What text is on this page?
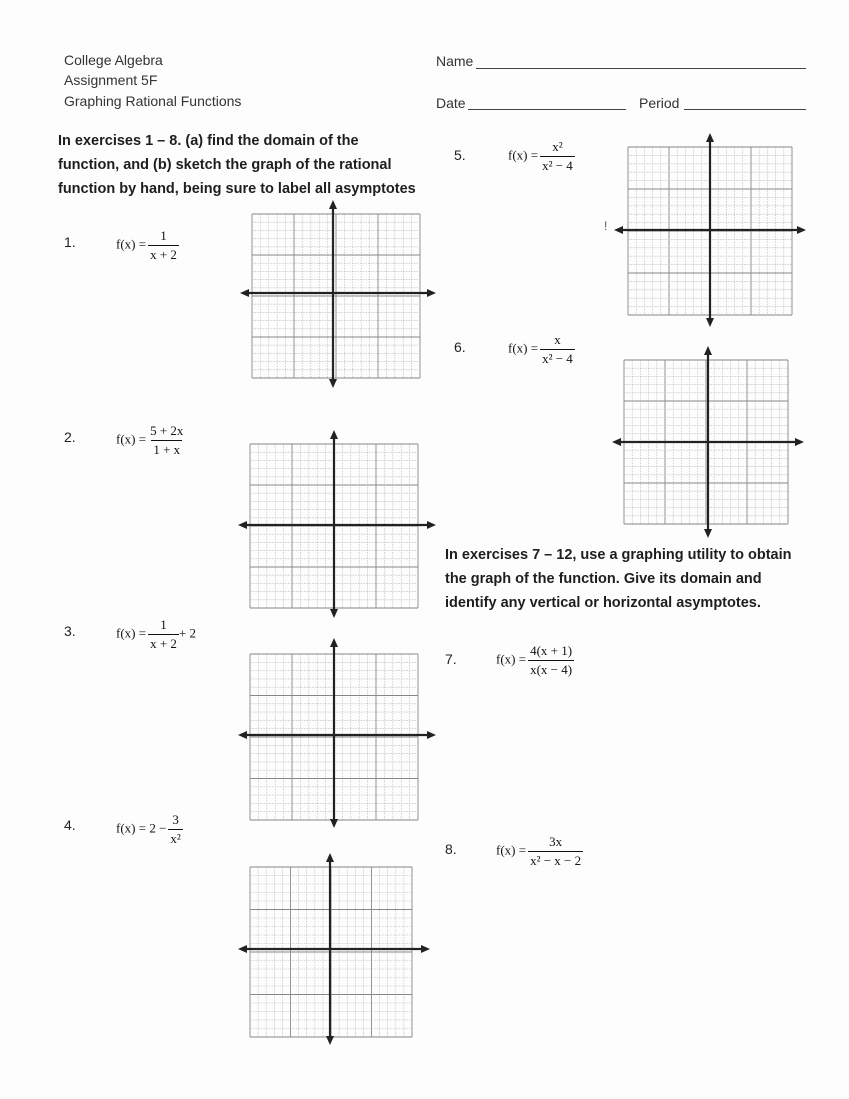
College Algebra
Assignment 5F
Graphing Rational Functions
Name
Date	Period
In exercises 1 – 8. (a) find the domain of the
function, and (b) sketch the graph of the rational
function by hand, being sure to label all asymptotes
In exercises 7 – 12, use a graphing utility to obtain
the graph of the function. Give its domain and
identify any vertical or horizontal asymptotes.
1.	$f(x) = \frac{1}{x + 2}$
2.	$f(x) = \frac{5 + 2x}{1 + x}$
3.	$f(x) = \frac{1}{x + 2} + 2$
4.	$f(x) = 2 - \frac{3}{\text{x²}}$
5.	$f(x) = \frac{\text{x²}}{\text{x² − 4}}$
6.	$f(x) = \frac{x}{\text{x² − 4}}$
7.	$f(x) = \frac{4(x + 1)}{x(x - 4)}$
8.	$f(x) = \frac{3x}{\text{x² − x − 2}}$
!
